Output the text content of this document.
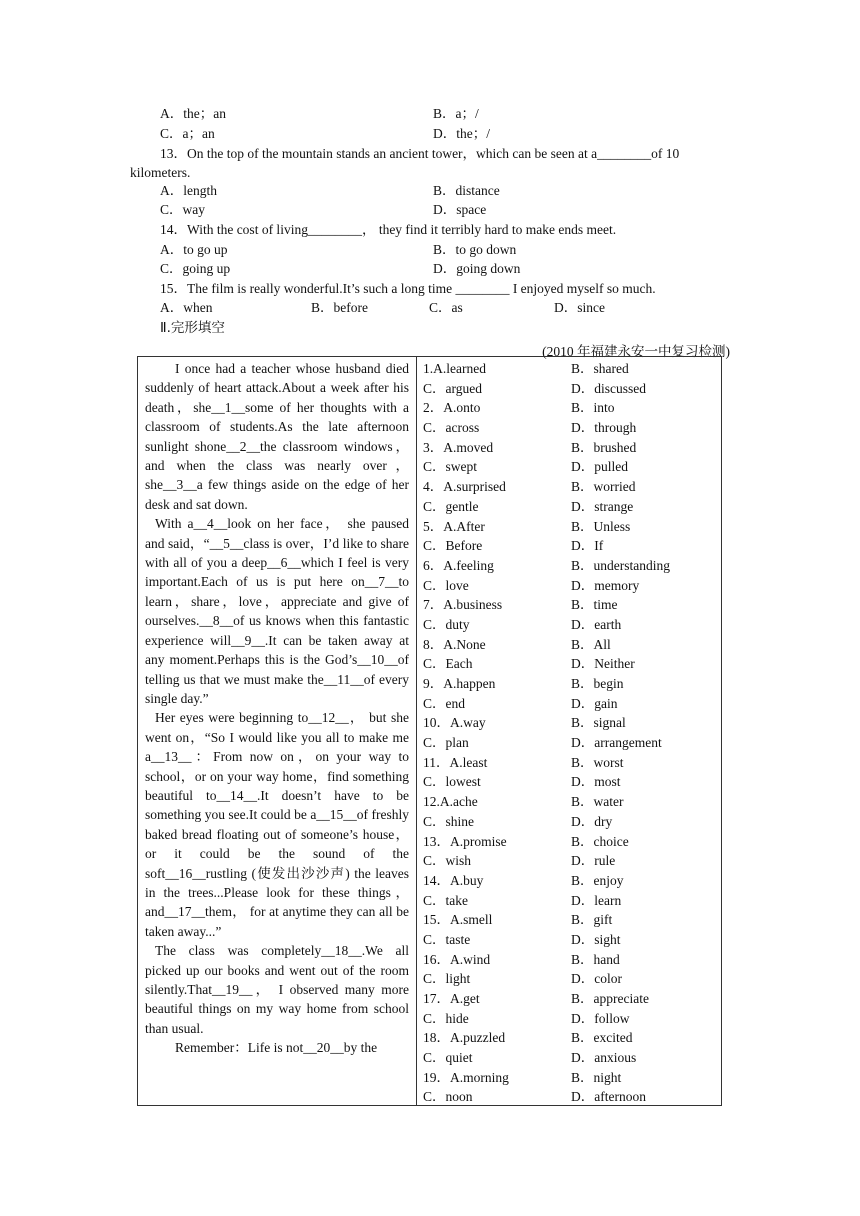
A．the；an	B．a；/
C．a；an	D．the；/
13．On the top of the mountain stands an ancient tower，which can be seen at a________of 10
kilometers.
A．length	B．distance
C．way	D．space
14．With the cost of living________， they find it terribly hard to make ends meet.
A．to go up	B．to go down
C．going up	D．going down
15．The film is really wonderful.It’s such a long time ________ I enjoyed myself so much.
A．when	B．before	C．as	D．since
Ⅱ.完形填空
(2010 年福建永安一中复习检测)

I once had a teacher whose husband died suddenly of heart attack.About a week after his death，she__1__some of her thoughts with a classroom of students.As the late afternoon sunlight shone__2__the classroom windows， and when the class was nearly over， she__3__a few things aside on the edge of her desk and sat down.

With a__4__look on her face， she paused and said，“__5__class is over，I’d like to share with all of you a deep__6__which I feel is very important.Each of us is put here on__7__to learn，share，love，appreciate and give of ourselves.__8__of us knows when this fantastic experience will__9__.It can be taken away at any moment.Perhaps this is the God’s__10__of telling us that we must make the__11__of every single day.”

Her eyes were beginning to__12__， but she went on，“So I would like you all to make me a__13__：From now on，on your way to school，or on your way home，find something beautiful to__14__.It doesn’t have to be something you see.It could be a__15__of freshly baked bread floating out of someone’s house， or it could be the sound of the soft__16__rustling (使发出沙沙声) the leaves in the trees...Please look for these things， and__17__them， for at anytime they can all be taken away...”

The class was completely__18__.We all picked up our books and went out of the room silently.That__19__， I observed many more beautiful things on my way home from school than usual.

Remember：Life is not__20__by the

1.A.learned	B．shared
C．argued	D．discussed
2．A.onto	B．into
C．across	D．through
3．A.moved	B．brushed
C．swept	D．pulled
4．A.surprised	B．worried
C．gentle	D．strange
5．A.After	B．Unless
C．Before	D．If
6．A.feeling	B．understanding
C．love	D．memory
7．A.business	B．time
C．duty	D．earth
8．A.None	B．All
C．Each	D．Neither
9．A.happen	B．begin
C．end	D．gain
10．A.way	B．signal
C．plan	D．arrangement
11．A.least	B．worst
C．lowest	D．most
12.A.ache	B．water
C．shine	D．dry
13．A.promise	B．choice
C．wish	D．rule
14．A.buy	B．enjoy
C．take	D．learn
15．A.smell	B．gift
C．taste	D．sight
16．A.wind	B．hand
C．light	D．color
17．A.get	B．appreciate
C．hide	D．follow
18．A.puzzled	B．excited
C．quiet	D．anxious
19．A.morning	B．night
C．noon	D．afternoon
